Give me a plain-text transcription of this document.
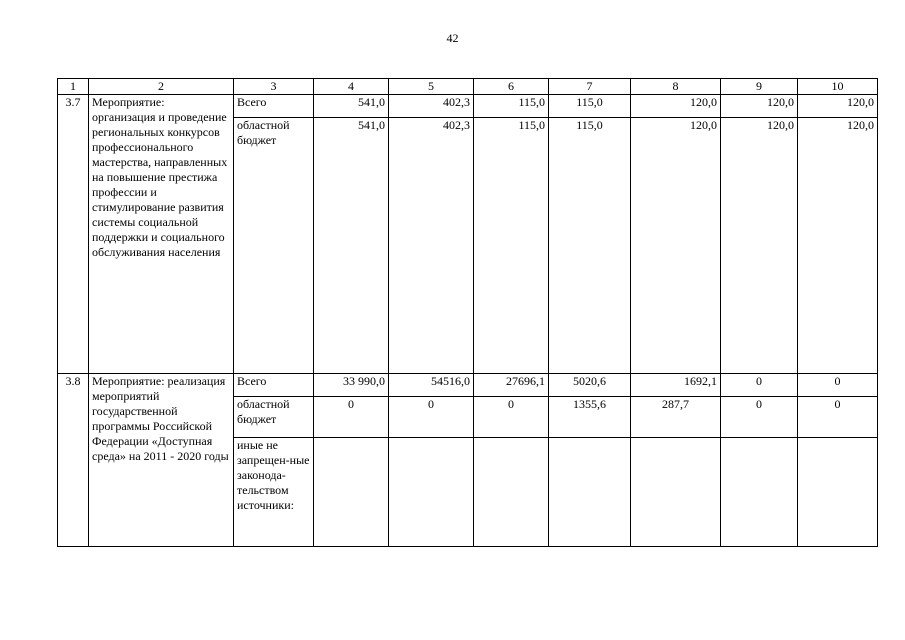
42
1	2	3	4	5	6	7	8	9	10
3.7	Мероприятие: организация и проведение региональных конкурсов профессионального мастерства, направленных на повышение престижа профессии и стимулирование развития системы социальной поддержки и социального обслуживания населения	Всего	541,0	402,3	115,0	115,0	120,0	120,0	120,0
		областной бюджет	541,0	402,3	115,0	115,0	120,0	120,0	120,0
3.8	Мероприятие: реализация мероприятий государственной программы Российской Федерации «Доступная среда» на 2011 - 2020 годы	Всего	33 990,0	54516,0	27696,1	5020,6	1692,1	0	0
		областной бюджет	0	0	0	1355,6	287,7	0	0
		иные не запрещен-ные законода-тельством источники:							
